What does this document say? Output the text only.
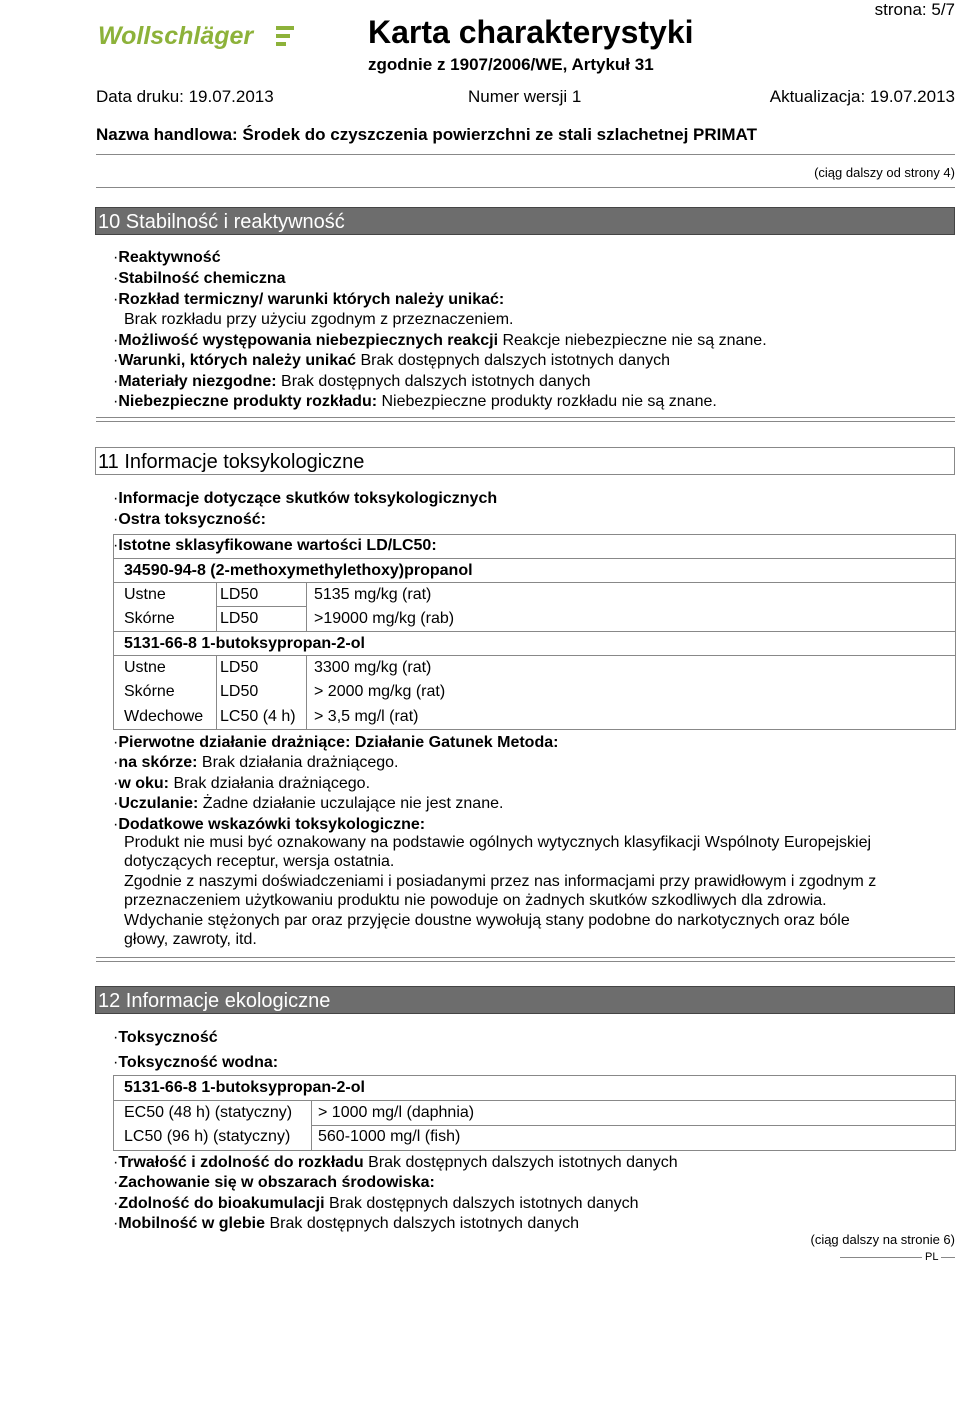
Wollschläger	Karta charakterystyki
zgodnie z 1907/2006/WE, Artykuł 31
strona: 5/7
Data druku: 19.07.2013	Numer wersji 1	Aktualizacja: 19.07.2013
Nazwa handlowa: Środek do czyszczenia powierzchni ze stali szlachetnej PRIMAT
(ciąg dalszy od strony 4)
10 Stabilność i reaktywność
·Reaktywność
·Stabilność chemiczna
·Rozkład termiczny/ warunki których należy unikać:
Brak rozkładu przy użyciu zgodnym z przeznaczeniem.
·Możliwość występowania niebezpiecznych reakcji Reakcje niebezpieczne nie są znane.
·Warunki, których należy unikać Brak dostępnych dalszych istotnych danych
·Materiały niezgodne: Brak dostępnych dalszych istotnych danych
·Niebezpieczne produkty rozkładu: Niebezpieczne produkty rozkładu nie są znane.
11 Informacje toksykologiczne
·Informacje dotyczące skutków toksykologicznych
·Ostra toksyczność:
·Istotne sklasyfikowane wartości LD/LC50:
34590-94-8 (2-methoxymethylethoxy)propanol
Ustne	LD50	5135 mg/kg (rat)
Skórne	LD50	>19000 mg/kg (rab)
5131-66-8 1-butoksypropan-2-ol
Ustne	LD50	3300 mg/kg (rat)
Skórne	LD50	> 2000 mg/kg (rat)
Wdechowe LC50 (4 h) > 3,5 mg/l (rat)
·Pierwotne działanie drażniące: Działanie Gatunek Metoda:
·na skórze: Brak działania drażniącego.
·w oku: Brak działania drażniącego.
·Uczulanie: Żadne działanie uczulające nie jest znane.
·Dodatkowe wskazówki toksykologiczne:
Produkt nie musi być oznakowany na podstawie ogólnych wytycznych klasyfikacji Wspólnoty Europejskiej
dotyczących receptur, wersja ostatnia.
Zgodnie z naszymi doświadczeniami i posiadanymi przez nas informacjami przy prawidłowym i zgodnym z
przeznaczeniem użytkowaniu produktu nie powoduje on żadnych skutków szkodliwych dla zdrowia.
Wdychanie stężonych par oraz przyjęcie doustne wywołują stany podobne do narkotycznych oraz bóle
głowy, zawroty, itd.
12 Informacje ekologiczne
·Toksyczność
·Toksyczność wodna:
5131-66-8 1-butoksypropan-2-ol
EC50 (48 h) (statyczny) > 1000 mg/l (daphnia)
LC50 (96 h) (statyczny) 560-1000 mg/l (fish)
·Trwałość i zdolność do rozkładu Brak dostępnych dalszych istotnych danych
·Zachowanie się w obszarach środowiska:
·Zdolność do bioakumulacji Brak dostępnych dalszych istotnych danych
·Mobilność w glebie Brak dostępnych dalszych istotnych danych
(ciąg dalszy na stronie 6)
PL
